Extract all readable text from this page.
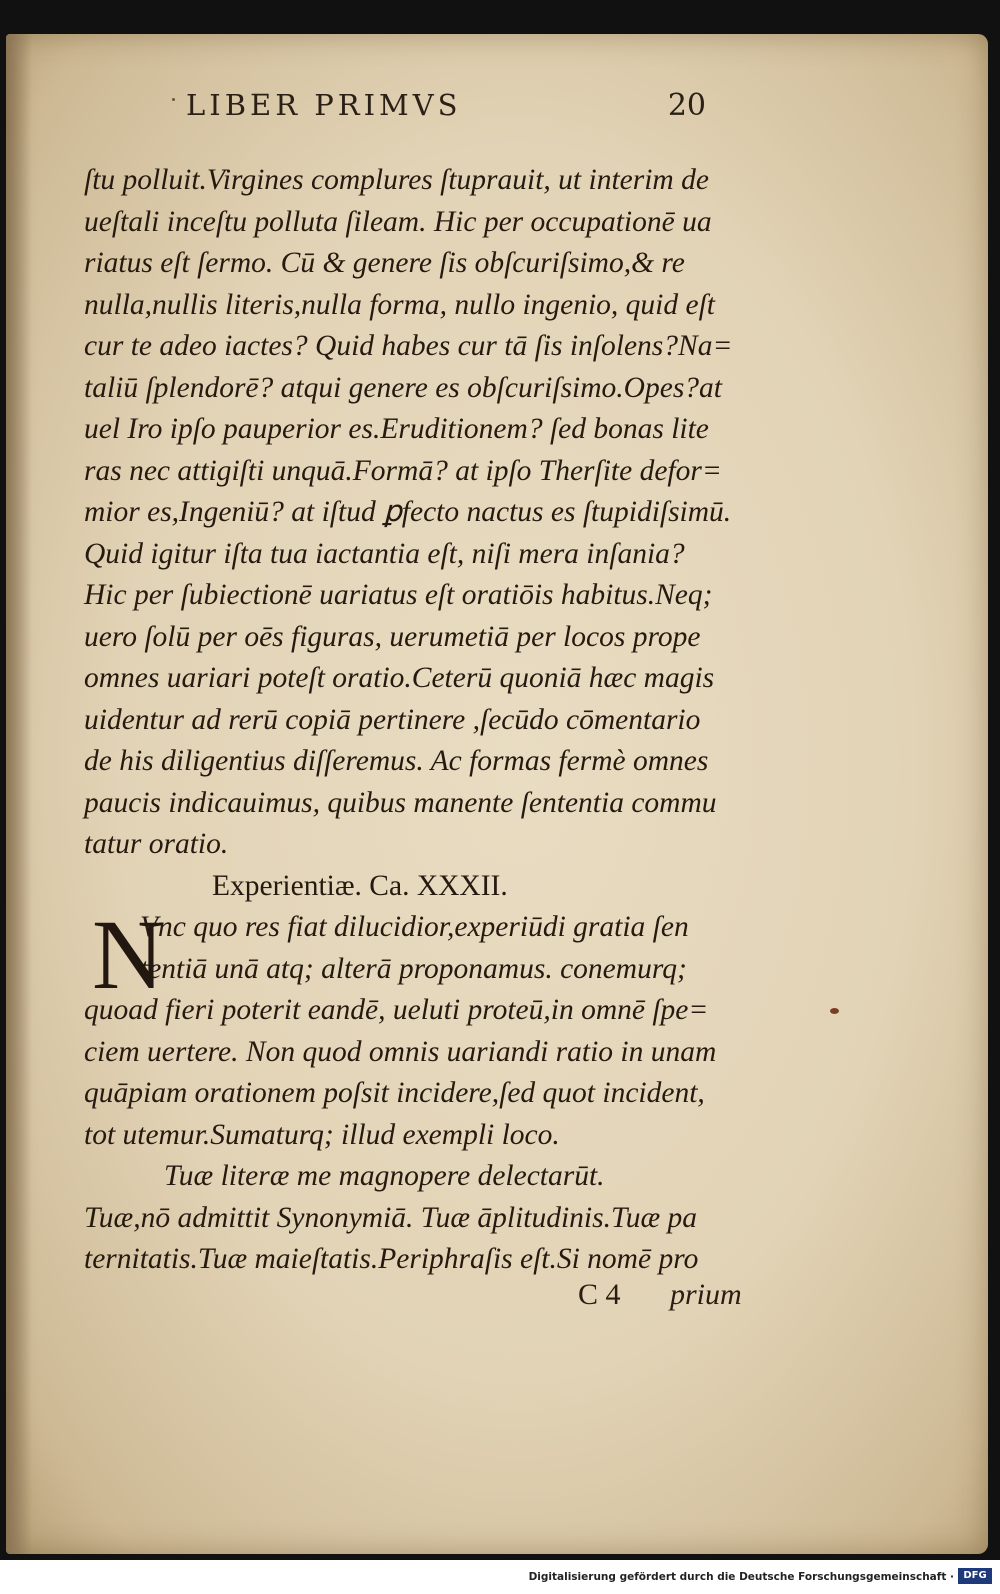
LIBER PRIMVS	20
ſtu polluit.Virgines complures ſtuprauit, ut interim de
ueſtali inceſtu polluta ſileam. Hic per occupationē ua
riatus eſt ſermo. Cū & genere ſis obſcuriſsimo,& re
nulla,nullis literis,nulla forma, nullo ingenio, quid eſt
cur te adeo iactes? Quid habes cur tā ſis inſolens?Na=
taliū ſplendorē? atqui genere es obſcuriſsimo.Opes?at
uel Iro ipſo pauperior es.Eruditionem? ſed bonas lite
ras nec attigiſti unquā.Formā? at ipſo Therſite defor=
mior es,Ingeniū? at iſtud ꝑfecto nactus es ſtupidiſsimū.
Quid igitur iſta tua iactantia eſt, niſi mera inſania?
Hic per ſubiectionē uariatus eſt oratiōis habitus.Neq;
uero ſolū per oēs figuras, uerumetiā per locos prope
omnes uariari poteſt oratio.Ceterū quoniā hæc magis
uidentur ad rerū copiā pertinere ,ſecūdo cōmentario
de his diligentius diſſeremus. Ac formas fermè omnes
paucis indicauimus, quibus manente ſententia commu
tatur oratio.
Experientiæ. Ca. XXXII.
Vnc quo res fiat dilucidior,experiūdi gratia ſen
tentiā unā atq; alterā proponamus. conemurq;
quoad fieri poterit eandē, ueluti proteū,in omnē ſpe=
ciem uertere. Non quod omnis uariandi ratio in unam
quāpiam orationem poſsit incidere,ſed quot incident,
tot utemur.Sumaturq; illud exempli loco.
Tuæ literæ me magnopere delectarūt.
Tuæ,nō admittit Synonymiā. Tuæ āplitudinis.Tuæ pa
ternitatis.Tuæ maieſtatis.Periphraſis eſt.Si nomē pro
N
C 4 prium
Digitalisierung gefördert durch die Deutsche Forschungsgemeinschaft · DFG
